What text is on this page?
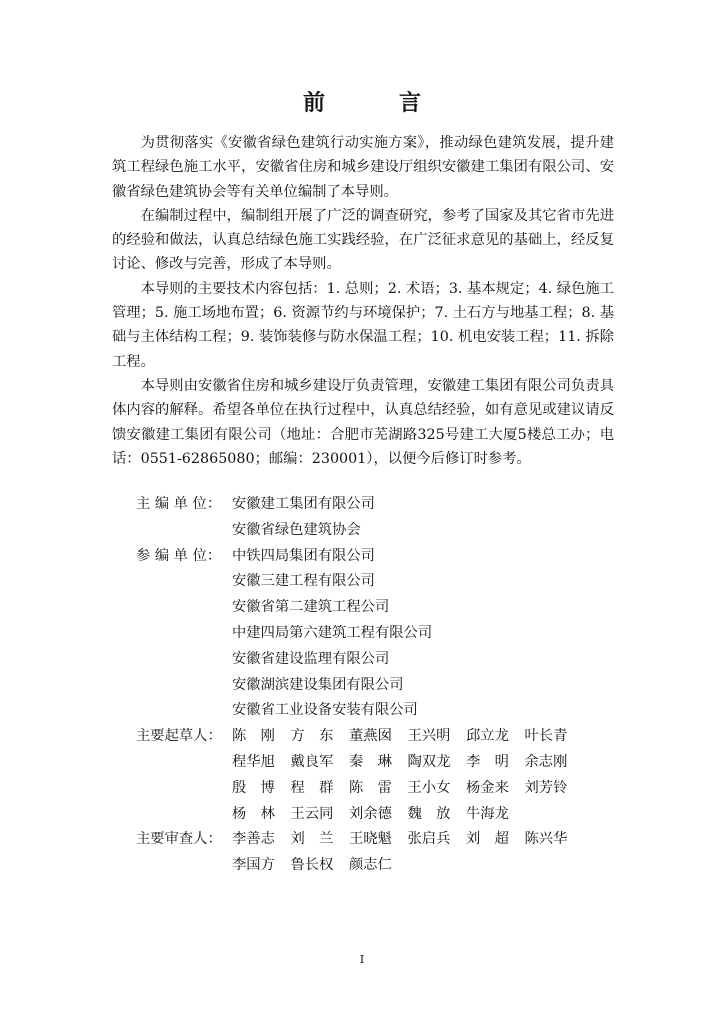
前　言

为贯彻落实《安徽省绿色建筑行动实施方案》，推动绿色建筑发展，提升建筑工程绿色施工水平，安徽省住房和城乡建设厅组织安徽建工集团有限公司、安徽省绿色建筑协会等有关单位编制了本导则。

在编制过程中，编制组开展了广泛的调查研究，参考了国家及其它省市先进的经验和做法，认真总结绿色施工实践经验，在广泛征求意见的基础上，经反复讨论、修改与完善，形成了本导则。

本导则的主要技术内容包括：1. 总则；2. 术语；3. 基本规定；4. 绿色施工管理；5. 施工场地布置；6. 资源节约与环境保护；7. 土石方与地基工程；8. 基础与主体结构工程；9. 装饰装修与防水保温工程；10. 机电安装工程；11. 拆除工程。

本导则由安徽省住房和城乡建设厅负责管理，安徽建工集团有限公司负责具体内容的解释。希望各单位在执行过程中，认真总结经验，如有意见或建议请反馈安徽建工集团有限公司（地址：合肥市芜湖路325号建工大厦5楼总工办；电话：0551-62865080；邮编：230001），以便今后修订时参考。

主 编 单 位： 安徽建工集团有限公司
安徽省绿色建筑协会
参 编 单 位： 中铁四局集团有限公司
安徽三建工程有限公司
安徽省第二建筑工程公司
中建四局第六建筑工程有限公司
安徽省建设监理有限公司
安徽湖滨建设集团有限公司
安徽省工业设备安装有限公司
主要起草人： 陈　刚	方　东	董燕囡	王兴明	邱立龙	叶长青
程华旭	戴良军	秦　琳	陶双龙	李　明	余志刚
殷　博	程　群	陈　雷	王小女	杨金来	刘芳铃
杨　林	王云同	刘余德	魏　放	牛海龙
主要审查人： 李善志	刘　兰	王晓魁	张启兵	刘　超	陈兴华
李国方	鲁长权	颜志仁
I
